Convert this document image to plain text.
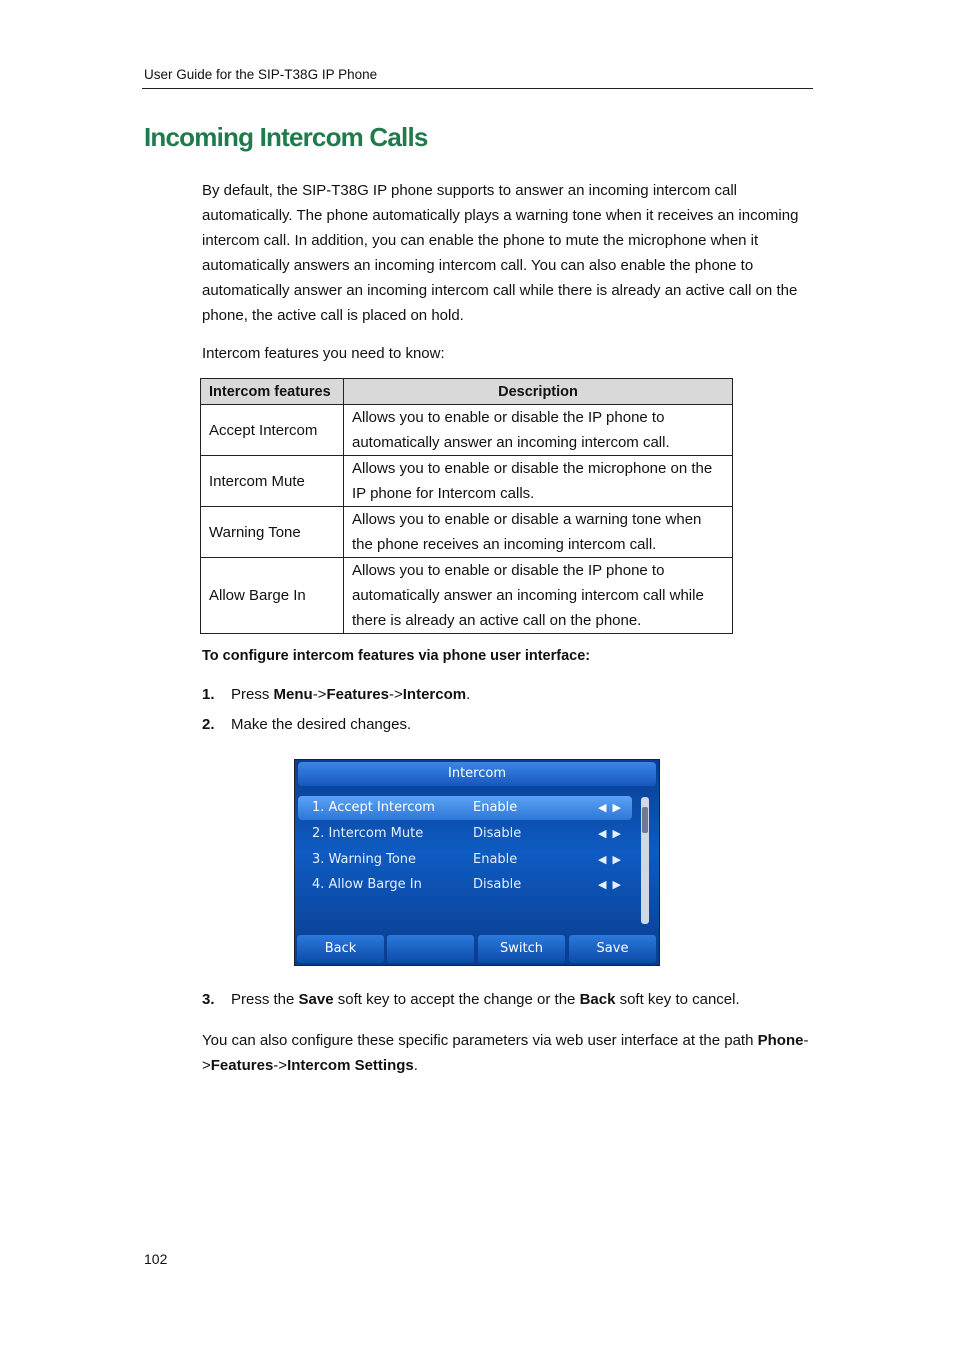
User Guide for the SIP-T38G IP Phone
Incoming Intercom Calls

By default, the SIP-T38G IP phone supports to answer an incoming intercom call automatically. The phone automatically plays a warning tone when it receives an incoming intercom call. In addition, you can enable the phone to mute the microphone when it automatically answers an incoming intercom call. You can also enable the phone to automatically answer an incoming intercom call while there is already an active call on the phone, the active call is placed on hold.

Intercom features you need to know:

Intercom features	Description
Accept Intercom	Allows you to enable or disable the IP phone to automatically answer an incoming intercom call.
Intercom Mute	Allows you to enable or disable the microphone on the IP phone for Intercom calls.
Warning Tone	Allows you to enable or disable a warning tone when the phone receives an incoming intercom call.
Allow Barge In	Allows you to enable or disable the IP phone to automatically answer an incoming intercom call while there is already an active call on the phone.
To configure intercom features via phone user interface:
1. Press Menu->Features->Intercom.
2. Make the desired changes.
Intercom
1. Accept Intercom	Enable	◀▶
2. Intercom Mute	Disable	◀▶
3. Warning Tone	Enable	◀▶
4. Allow Barge In	Disable	◀▶
Back	Switch	Save
3. Press the Save soft key to accept the change or the Back soft key to cancel.

You can also configure these specific parameters via web user interface at the path Phone->Features->Intercom Settings.

102
